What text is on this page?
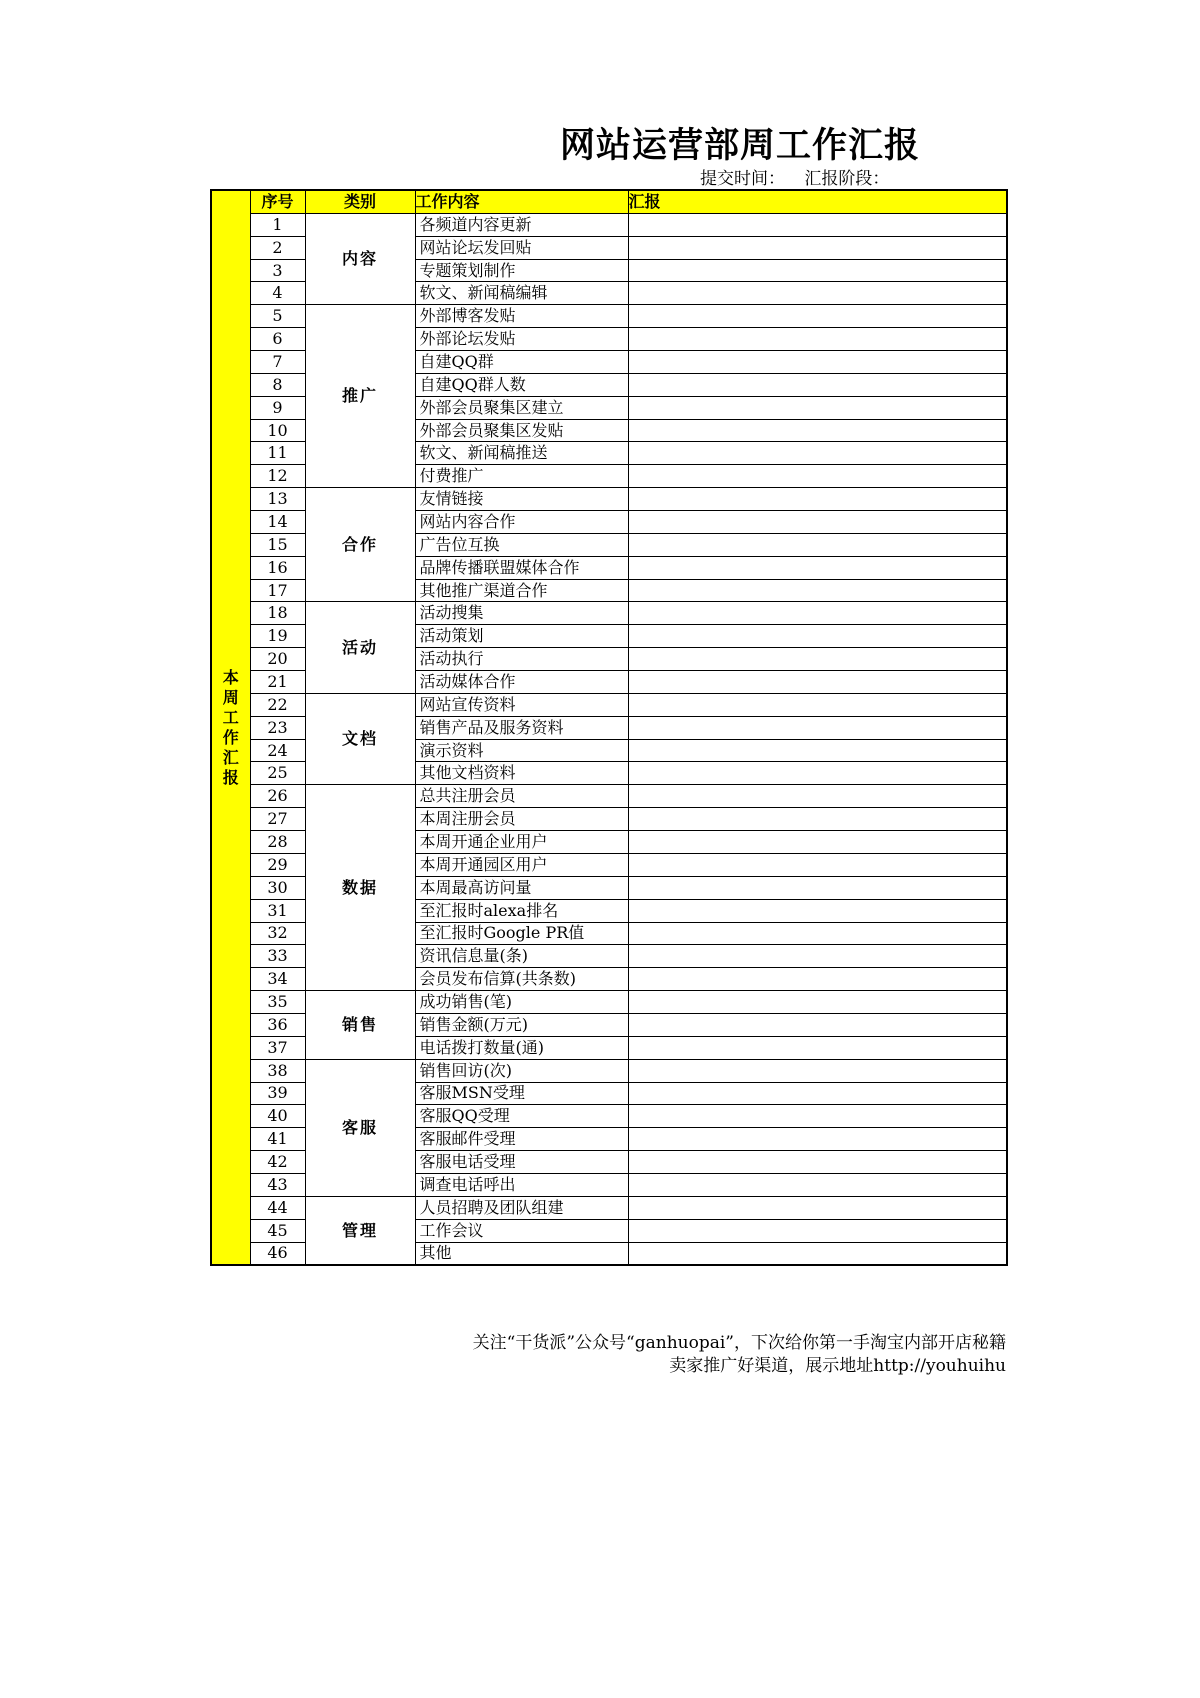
网站运营部周工作汇报
提交时间： 汇报阶段：
本周工作汇报	序号	类别	工作内容	汇报
	1	内容	各频道内容更新	
	2		网站论坛发回贴	
	3		专题策划制作	
	4		软文、新闻稿编辑	
	5	推广	外部博客发贴	
	6		外部论坛发贴	
	7		自建QQ群	
	8		自建QQ群人数	
	9		外部会员聚集区建立	
	10		外部会员聚集区发贴	
	11		软文、新闻稿推送	
	12		付费推广	
	13	合作	友情链接	
	14		网站内容合作	
	15		广告位互换	
	16		品牌传播联盟媒体合作	
	17		其他推广渠道合作	
	18	活动	活动搜集	
	19		活动策划	
	20		活动执行	
	21		活动媒体合作	
	22	文档	网站宣传资料	
	23		销售产品及服务资料	
	24		演示资料	
	25		其他文档资料	
	26	数据	总共注册会员	
	27		本周注册会员	
	28		本周开通企业用户	
	29		本周开通园区用户	
	30		本周最高访问量	
	31		至汇报时alexa排名	
	32		至汇报时Google PR值	
	33		资讯信息量(条)	
	34		会员发布信算(共条数)	
	35	销售	成功销售(笔)	
	36		销售金额(万元)	
	37		电话拨打数量(通)	
	38	客服	销售回访(次)	
	39		客服MSN受理	
	40		客服QQ受理	
	41		客服邮件受理	
	42		客服电话受理	
	43		调查电话呼出	
	44	管理	人员招聘及团队组建	
	45		工作会议	
	46		其他	
关注“干货派”公众号“ganhuopai”，下次给你第一手淘宝内部开店秘籍
卖家推广好渠道，展示地址http://youhuihu
